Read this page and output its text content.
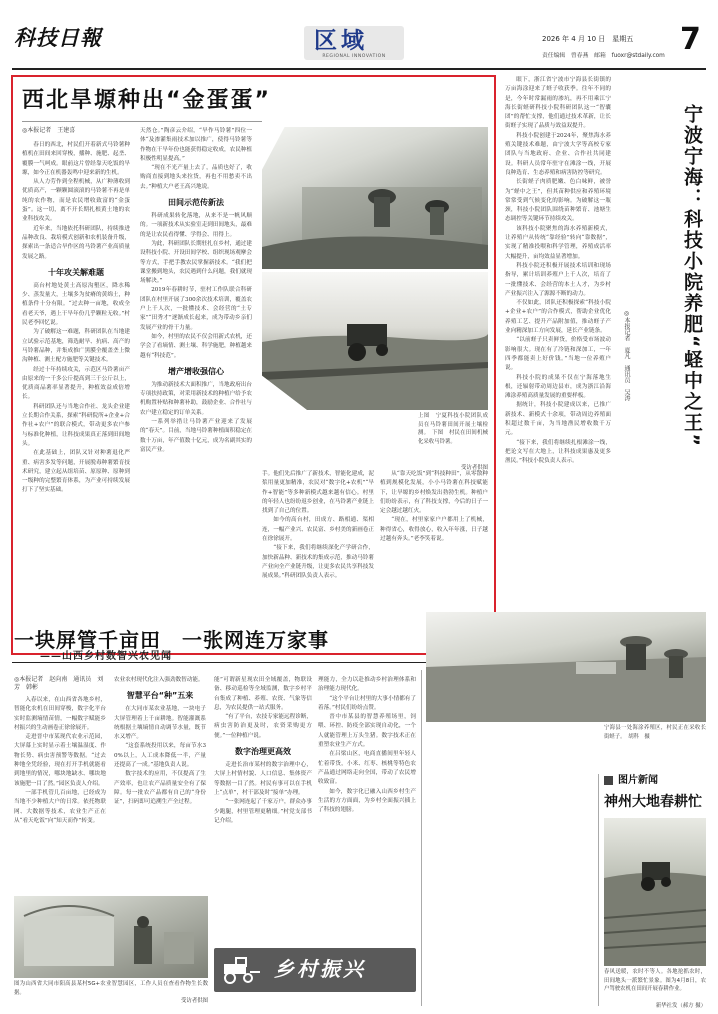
科技日報	区域
REGIONAL INNOVATION
2026 年 4 月 10 日　星期五
责任编辑　曾春燕　邮箱　fuoxr@stdaily.com 7
西北旱塬种出“金蛋蛋”
◎本报记者　王建喜

春日的西北，村民们开着新式马铃薯种植机在田间来回穿梭，播种、施肥、起垄、覆膜一气呵成。眼前这片曾经靠天吃饭的旱塬，如今正在机器轰鸣中迎来新的生机。

从人力劳作到全程机械，从广种薄收到优质高产，一颗颗圆滚滚的马铃薯不再是单纯的农作物，而是农民增收致富的“金蛋蛋”。这一切，离不开长期扎根黄土地的农业科技攻关。

近年来，当地依托科研团队，持续推进品种改良、栽培模式创新和农机装备升级，探索出一条适合旱作区的马铃薯产业高质量发展之路。

十年攻关解难题

高台村地处黄土高原沟壑区，降水稀少、蒸发量大，土壤多为贫瘠的黄绵土，种植条件十分有限。“过去种一亩地，收成全看老天爷，遇上干旱年份几乎颗粒无收。”村民老李回忆说。

为了破解这一难题，科研团队在当地建立试验示范基地，筛选耐旱、抗病、高产的马铃薯品种，并集成推广黑膜全覆盖垄上微沟种植、测土配方施肥等关键技术。

经过十年持续攻关，示范区马铃薯亩产由原来的一千多公斤提高到三千公斤以上，优质商品薯率显著提升，种植效益成倍增长。

科研团队还与当地合作社、龙头企业建立长期合作关系，探索“科研院所+企业+合作社+农户”的联合模式，带动更多农户参与标准化种植，让科技成果真正落到田间地头。

在此基础上，团队又针对种薯退化严重、病害多发等问题，开展脱毒种薯繁育技术研究，建立起从组培苗、原原种、原种到一级种的完整繁育体系，为产业可持续发展打下了坚实基础。

天然仓。”陶彦云介绍，“旱作马铃薯”四位一体“及渗灌集雨技术加以推广，使得马铃薯等作物在干旱年份也能获得稳定收成，农民种植积极性明显提高。”

“现在不光产量上去了，品质也好了，收购商直接到地头来拉货，再也不用愁卖不出去。”种植大户老王高兴地说。

田间示范传新法

科研成果转化落地，从来不是一帆风顺的。一项新技术从实验室走到田间地头，最难的是让农民看得懂、学得会、用得上。

为此，科研团队长期驻扎在乡村，通过建设科技小院、开设田间学校、组织现场观摩会等方式，手把手教农民掌握新技术。“我们把课堂搬到地头，农民遇到什么问题，我们就现场解决。”

2019年春耕时节，驻村工作队联合科研团队在村里开展了300余次技术培训，覆盖农户上千人次，一批懂技术、会经营的“土专家”“田秀才”逐渐成长起来，成为带动乡亲们发展产业的骨干力量。

如今，村里的农民不仅会用新式农机，还学会了看墒情、测土壤、科学施肥，种植越来越有“科技范”。

增产增收强信心

为推动新技术大面积推广，当地政府出台专项扶持政策，对采用新技术的种植户给予农机购置补贴和种薯补助，鼓励企业、合作社与农户建立稳定的订单关系。

一系列举措让马铃薯产业迎来了发展的“春天”。目前，当地马铃薯种植面积稳定在数十万亩，年产值数十亿元，成为名副其实的富民产业。

上图　宁夏科技小院团队成员在马铃薯田间开展土壤检测。　下图　村民在田间机械化采收马铃薯。
受访者供图

手。他们先后推广了新技术，智能化建成，泥浆用量更加精准，农民对“数字化+农机”“旱作+智能”等多种新模式越来越有信心。村里的年轻人也纷纷返乡创业，在马铃薯产业链上找到了自己的位置。

如今的高台村，田成方、路相通、渠相连，一幅产业兴、农民富、乡村美的新画卷正在徐徐展开。

“接下来，我们将继续深化产学研合作，加快新品种、新技术的集成示范，推动马铃薯产业向全产业链升级，让更多农民共享科技发展成果。”科研团队负责人表示。

从“靠天吃饭”到“科技种田”，从零散种植到规模化发展，小小马铃薯在科技赋能下，让旱塬的乡村焕发出勃勃生机。种植户们纷纷表示，有了科技支撑，今后的日子一定会越过越红火。

“现在，村里家家户户都用上了机械，种得省心，收得放心，收入年年涨，日子越过越有奔头。”老李笑着说。

眼下，浙江省宁波市宁海县长街镇的万亩海涂迎来了蛏子收获季。往年不同的是，今年时常漏雨的渗坑，再不用乘江宁海长街蛏研科技小院科研团队这一“智囊团”的帮忙支撑，他们通过技术革新，让长街蛏子实现了品质与效益双提升。

科技小院创建于2024年，聚焦海水养殖关键技术难题，由宁波大学等高校专家团队与当地政府、企业、合作社共同建设。科研人员常年驻守在滩涂一线，开展良种选育、生态养殖和病害防控等研究。

长街蛏子肉质肥嫩、色白味鲜，被誉为“蛏中之王”，但其苗种供应和养殖环境常常受到气候变化的影响。为破解这一瓶颈，科技小院团队围绕苗种繁育、池塘生态调控等关键环节持续攻关。

该科技小院聚焦的海水养殖新模式，让养殖户从传统“靠经验”转向“靠数据”，实现了精准投喂和科学管理，养殖成活率大幅提升，亩均效益显著增加。

科技小院还积极开展技术培训和现场指导，累计培训养殖户上千人次，培育了一批懂技术、会经营的本土人才，为乡村产业振兴注入了源源不断的动力。

不仅如此，团队还积极探索“科技小院+企业+农户”的合作模式，帮助企业优化养殖工艺、提升产品附加值，推动蛏子产业向精深加工方向发展，延长产业链条。

“以前蛏子只卖鲜货，价格受市场波动影响很大。现在有了冷链和深加工，一年四季都能卖上好价钱。”当地一位养殖户说。

科技小院的成果不仅在宁海落地生根，还辐射带动周边县市，成为浙江沿海滩涂养殖高质量发展的重要样板。

据统计，科技小院建成以来，已推广新技术、新模式十余项，带动周边养殖面积超过数千亩，为当地渔民增收数千万元。

“接下来，我们将继续扎根滩涂一线，把论文写在大地上，让科技成果惠及更多渔民。”科技小院负责人表示。

宁波宁海：科技小院养肥“蛏中之王”
◎本报记者　夏凡　通讯员　吴涛
一块屏管千亩田　一张网连万家事
——山西乡村数智兴农见闻
◎本报记者　赵向南　通讯员　刘芳　韩彬

入春以来，在山西省各地乡村，智能化农机在田间穿梭，数字化平台实时监测墒情苗情，一幅数字赋能乡村振兴的生动画卷正徐徐展开。

走进晋中市某现代农业示范园，大屏幕上实时显示着土壤温湿度、作物长势、病虫害预警等数据。“过去种地全凭经验，现在打开手机就能看到地里的情况，哪块地缺水、哪块地该施肥一目了然。”园区负责人介绍。

一部手机管几百亩地，已经成为当地不少种植大户的日常。依托物联网、大数据等技术，农业生产正在从“看天吃饭”向“知天而作”转变。

农业农村现代化注入强劲数智动能。

智慧平台“种”五来

在大同市某农业基地，一块电子大屏管理着上千亩耕地。智能灌溉系统根据土壤墒情自动调节水量，既节水又增产。

“这套系统投用以来，每亩节水30%以上，人工成本降低一半，产量还提高了一成。”基地负责人说。

数字技术的应用，不仅提高了生产效率，也让农产品质量安全有了保障。每一批农产品都有自己的“身份证”，扫码即可追溯生产全过程。

能”可谓新星现农田全域覆盖，物联设备、移动巡检等全域监测，数字乡村平台集成了种植、养殖、农资、气象等信息，为农民提供一站式服务。

“有了平台，农技专家能远程诊断，病虫害防治更及时，农资采购更方便。”一位种植户说。

数字治理更高效

走进长治市某村的数字治理中心，大屏上村情村貌、人口信息、集体资产等数据一目了然。村民有事可以在手机上“点单”，村干部及时“接单”办理。

“一张网连起了千家万户，群众办事少跑腿，村里管理更精细。”村党支部书记介绍。

理能力，全力以赴推动乡村治理体系和治理能力现代化。

“这个平台让村里的大事小情都有了着落。”村民们纷纷点赞。

晋中市某县的智慧养殖场里，饲喂、环控、防疫全部实现自动化，一个人就能管理上万头生猪。数字技术正在重塑农业生产方式。

在吕梁山区，电商直播间里年轻人忙着带货，小米、红枣、核桃等特色农产品通过网络走向全国，带动了农民增收致富。

如今，数字化已融入山西乡村生产生活的方方面面，为乡村全面振兴插上了科技的翅膀。

图为山西省大同市阳高县某村5G+农业智慧园区，工作人员在查看作物生长数据。
受访者供图
乡村振兴
宁海县一处海涂养殖区，村民正在采收长街蛏子。　胡科　摄
图片新闻
神州大地春耕忙
春风送暖，农时不等人。各地抢抓农时，田间地头一派繁忙景象。图为4月8日，农户驾驶农机在田间开展春耕作业。
新华社发（郝方 摄）
